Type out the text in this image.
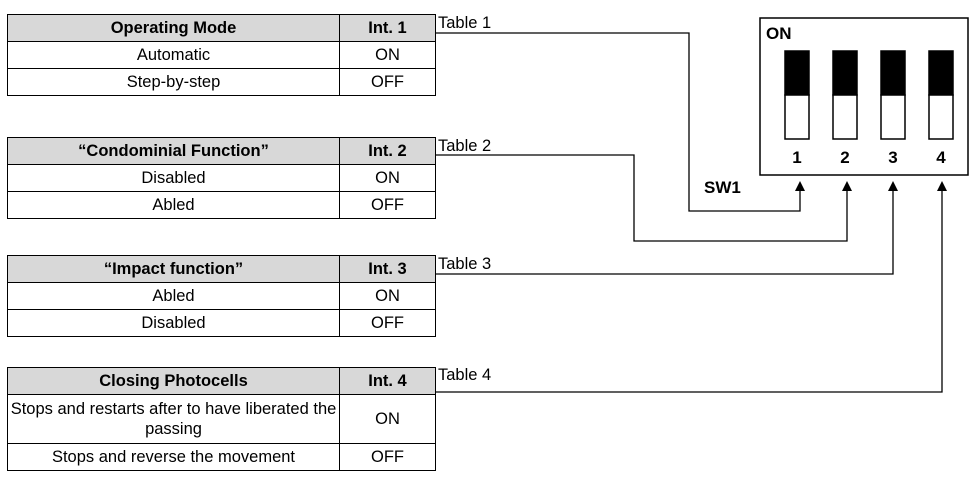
Operating Mode	Int. 1
Automatic	ON
Step-by-step	OFF
“Condominial Function”	Int. 2
Disabled	ON
Abled	OFF
“Impact function”	Int. 3
Abled	ON
Disabled	OFF
Closing Photocells	Int. 4
Stops and restarts after to have liberated the passing	ON
Stops and reverse the movement	OFF
Table 1
Table 2
Table 3
Table 4
ON
1 2 3 4
SW1
